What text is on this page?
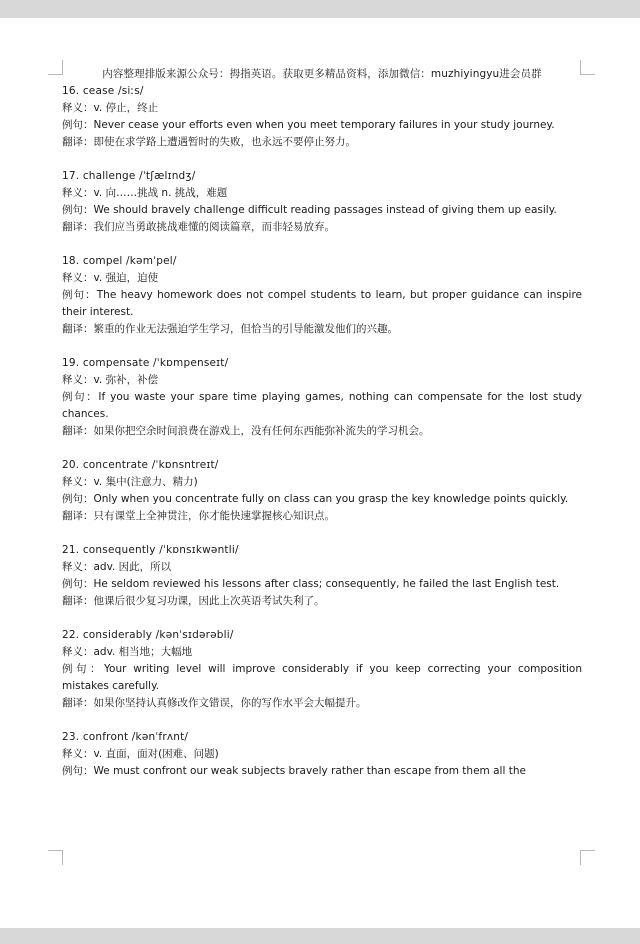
内容整理排版来源公众号：拇指英语。获取更多精品资料，添加微信：muzhiyingyu进会员群

16. cease /siːs/

释义：v. 停止，终止

例句：Never cease your efforts even when you meet temporary failures in your study journey.

翻译：即使在求学路上遭遇暂时的失败，也永远不要停止努力。

17. challenge /ˈtʃælɪndʒ/

释义：v. 向……挑战 n. 挑战，难题

例句：We should bravely challenge difficult reading passages instead of giving them up easily.

翻译：我们应当勇敢挑战难懂的阅读篇章，而非轻易放弃。

18. compel /kəmˈpel/

释义：v. 强迫，迫使

例句：The heavy homework does not compel students to learn, but proper guidance can inspire their interest.

翻译：繁重的作业无法强迫学生学习，但恰当的引导能激发他们的兴趣。

19. compensate /ˈkɒmpenseɪt/

释义：v. 弥补，补偿

例句：If you waste your spare time playing games, nothing can compensate for the lost study chances.

翻译：如果你把空余时间浪费在游戏上，没有任何东西能弥补流失的学习机会。

20. concentrate /ˈkɒnsntreɪt/

释义：v. 集中(注意力、精力)

例句：Only when you concentrate fully on class can you grasp the key knowledge points quickly.

翻译：只有课堂上全神贯注，你才能快速掌握核心知识点。

21. consequently /ˈkɒnsɪkwəntli/

释义：adv. 因此，所以

例句：He seldom reviewed his lessons after class; consequently, he failed the last English test.

翻译：他课后很少复习功课，因此上次英语考试失利了。

22. considerably /kənˈsɪdərəbli/

释义：adv. 相当地；大幅地

例句：Your writing level will improve considerably if you keep correcting your composition mistakes carefully.

翻译：如果你坚持认真修改作文错误，你的写作水平会大幅提升。

23. confront /kənˈfrʌnt/

释义：v. 直面，面对(困难、问题)

例句：We must confront our weak subjects bravely rather than escape from them all the
